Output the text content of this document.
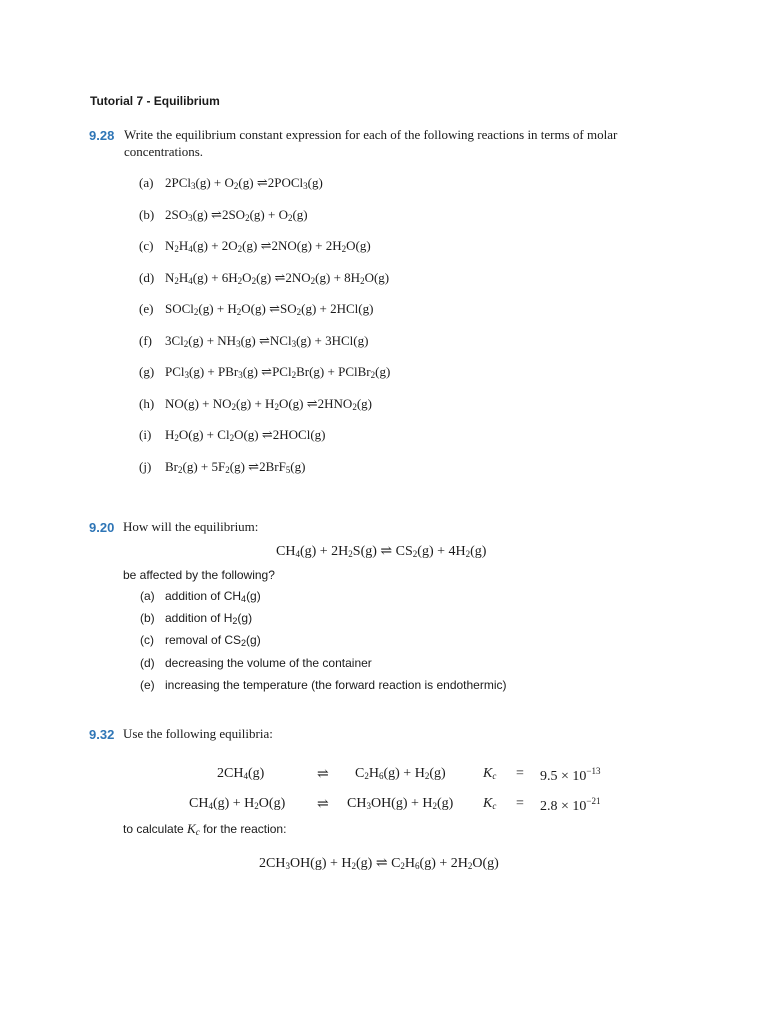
Tutorial 7 - Equilibrium
9.28 Write the equilibrium constant expression for each of the following reactions in terms of molar
concentrations.
(a) $2PCl_3(g) + O_2(g)$ ⇌2POCl$_3$(g)
(b) $2SO_3(g)$ $\rightleftharpoons 2SO_2(g) + O_2(g)$
(c) $N_2H_4(g) + 2O_2(g)$ ⇌2NO(g) + $2H_2O(g)$
(d) $N_2H_4(g) + 6H_2O_2(g)$ $\rightleftharpoons 2NO_2(g) + 8H_2O(g)$
(e) SOCl$_2$(g) + $H_2O(g)$ $\rightleftharpoons SO_2(g) + 2HCl(g)$
(f) $3Cl_2(g) + NH_3(g)$ ⇌NCl$_3$(g) + 3HCl(g)
(g) PCl$_3$(g) + PBr$_3$(g) ⇌PCl$_2$Br(g) + PClBr$_2$(g)
(h) $NO(g) + NO_2(g) + H_2O(g)$ $\rightleftharpoons 2HNO_2(g)$
(i) $H_2O(g) + Cl_2O(g)$ ⇌2HOCl(g)
(j) $Br_2(g) + 5F_2(g)$ ⇌2BrF$_5$(g)
9.20 How will the equilibrium:
$CH_4(g) + 2H_2S(g)$ ⇌ $CS_2(g) + 4H_2(g)$
be affected by the following?
(a) addition of $CH_4(g)$
(b) addition of $H_2(g)$
(c) removal of $CS_2(g)$
(d) decreasing the volume of the container
(e) increasing the temperature (the forward reaction is endothermic)
9.32 Use the following equilibria:
$2CH_4(g)$	⇌ $C_2H_6(g) + H_2(g)$	$K_c = 9.5 \times 10^{-13}$
$CH_4(g) + H_2O(g)$ ⇌ $CH_3OH(g) + H_2(g) K_c = 2.8 \times 10^{-21}$
to calculate $K_c$ for the reaction:
$2CH_3OH(g) + H_2(g)$ ⇌ $C_2H_6(g) + 2H_2O(g)$
